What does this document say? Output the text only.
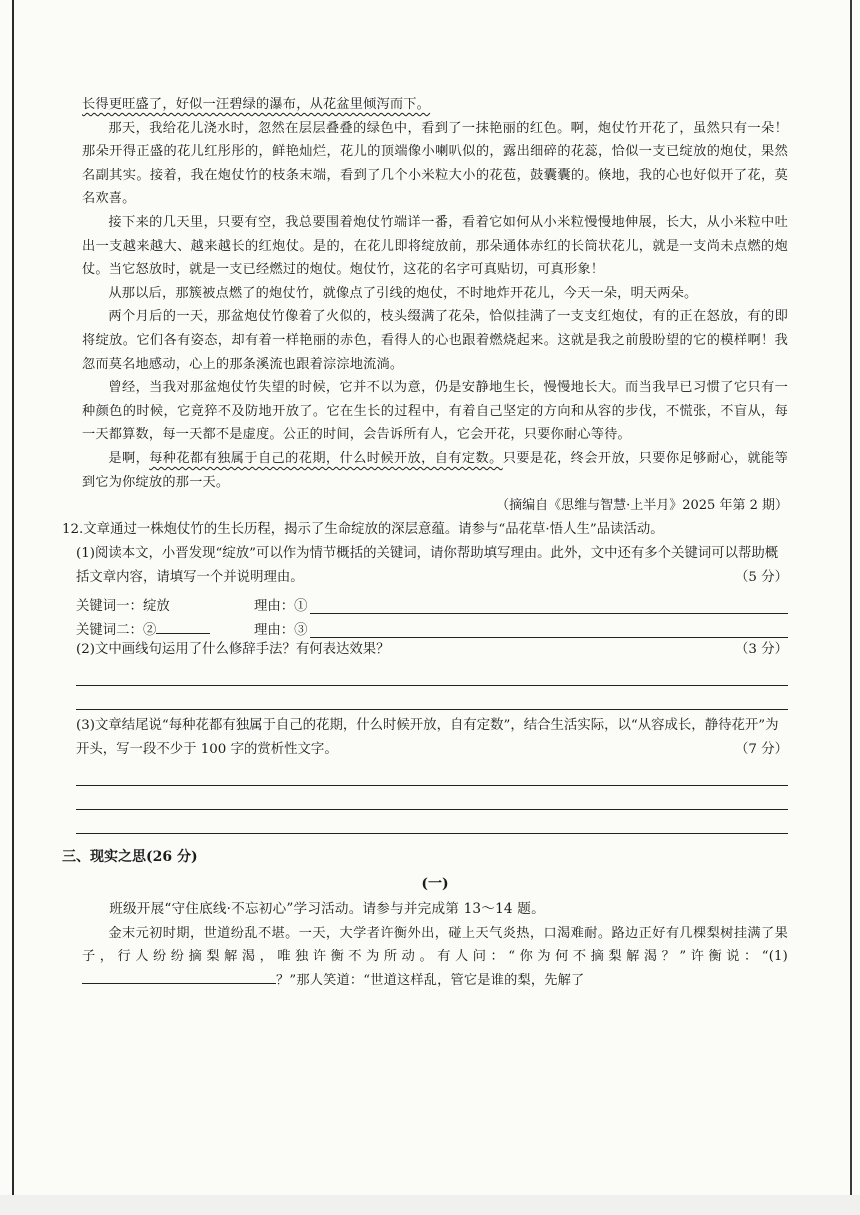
长得更旺盛了，好似一汪碧绿的瀑布，从花盆里倾泻而下。

那天，我给花儿浇水时，忽然在层层叠叠的绿色中，看到了一抹艳丽的红色。啊，炮仗竹开花了，虽然只有一朵！那朵开得正盛的花儿红彤彤的，鲜艳灿烂，花儿的顶端像小喇叭似的，露出细碎的花蕊，恰似一支已绽放的炮仗，果然名副其实。接着，我在炮仗竹的枝条末端，看到了几个小米粒大小的花苞，鼓囊囊的。倏地，我的心也好似开了花，莫名欢喜。

接下来的几天里，只要有空，我总要围着炮仗竹端详一番，看着它如何从小米粒慢慢地伸展，长大，从小米粒中吐出一支越来越大、越来越长的红炮仗。是的，在花儿即将绽放前，那朵通体赤红的长筒状花儿，就是一支尚未点燃的炮仗。当它怒放时，就是一支已经燃过的炮仗。炮仗竹，这花的名字可真贴切，可真形象！

从那以后，那簇被点燃了的炮仗竹，就像点了引线的炮仗，不时地炸开花儿，今天一朵，明天两朵。

两个月后的一天，那盆炮仗竹像着了火似的，枝头缀满了花朵，恰似挂满了一支支红炮仗，有的正在怒放，有的即将绽放。它们各有姿态，却有着一样艳丽的赤色，看得人的心也跟着燃烧起来。这就是我之前殷盼望的它的模样啊！我忽而莫名地感动，心上的那条溪流也跟着淙淙地流淌。

曾经，当我对那盆炮仗竹失望的时候，它并不以为意，仍是安静地生长，慢慢地长大。而当我早已习惯了它只有一种颜色的时候，它竟猝不及防地开放了。它在生长的过程中，有着自己坚定的方向和从容的步伐，不慌张，不盲从，每一天都算数，每一天都不是虚度。公正的时间，会告诉所有人，它会开花，只要你耐心等待。

是啊，每种花都有独属于自己的花期，什么时候开放，自有定数。只要是花，终会开放，只要你足够耐心，就能等到它为你绽放的那一天。

（摘编自《思维与智慧·上半月》2025 年第 2 期）

12.文章通过一株炮仗竹的生长历程，揭示了生命绽放的深层意蕴。请参与“品花草·悟人生”品读活动。

(1)阅读本文，小晋发现“绽放”可以作为情节概括的关键词，请你帮助填写理由。此外，文中还有多个关键词可以帮助概括文章内容，请填写一个并说明理由。	（5 分）

关键词一：绽放	理由：①
关键词二：②	理由：③
(2)文中画线句运用了什么修辞手法？有何表达效果？	（3 分）

(3)文章结尾说“每种花都有独属于自己的花期，什么时候开放，自有定数”，结合生活实际，以“从容成长，静待花开”为开头，写一段不少于 100 字的赏析性文字。	（7 分）

三、现实之思(26 分)

(一)

班级开展“守住底线·不忘初心”学习活动。请参与并完成第 13～14 题。

金末元初时期，世道纷乱不堪。一天，大学者许衡外出，碰上天气炎热，口渴难耐。路边正好有几棵梨树挂满了果子，行人纷纷摘梨解渴，唯独许衡不为所动。有人问：“你为何不摘梨解渴？”许衡说：“(1)？”那人笑道：“世道这样乱，管它是谁的梨，先解了
